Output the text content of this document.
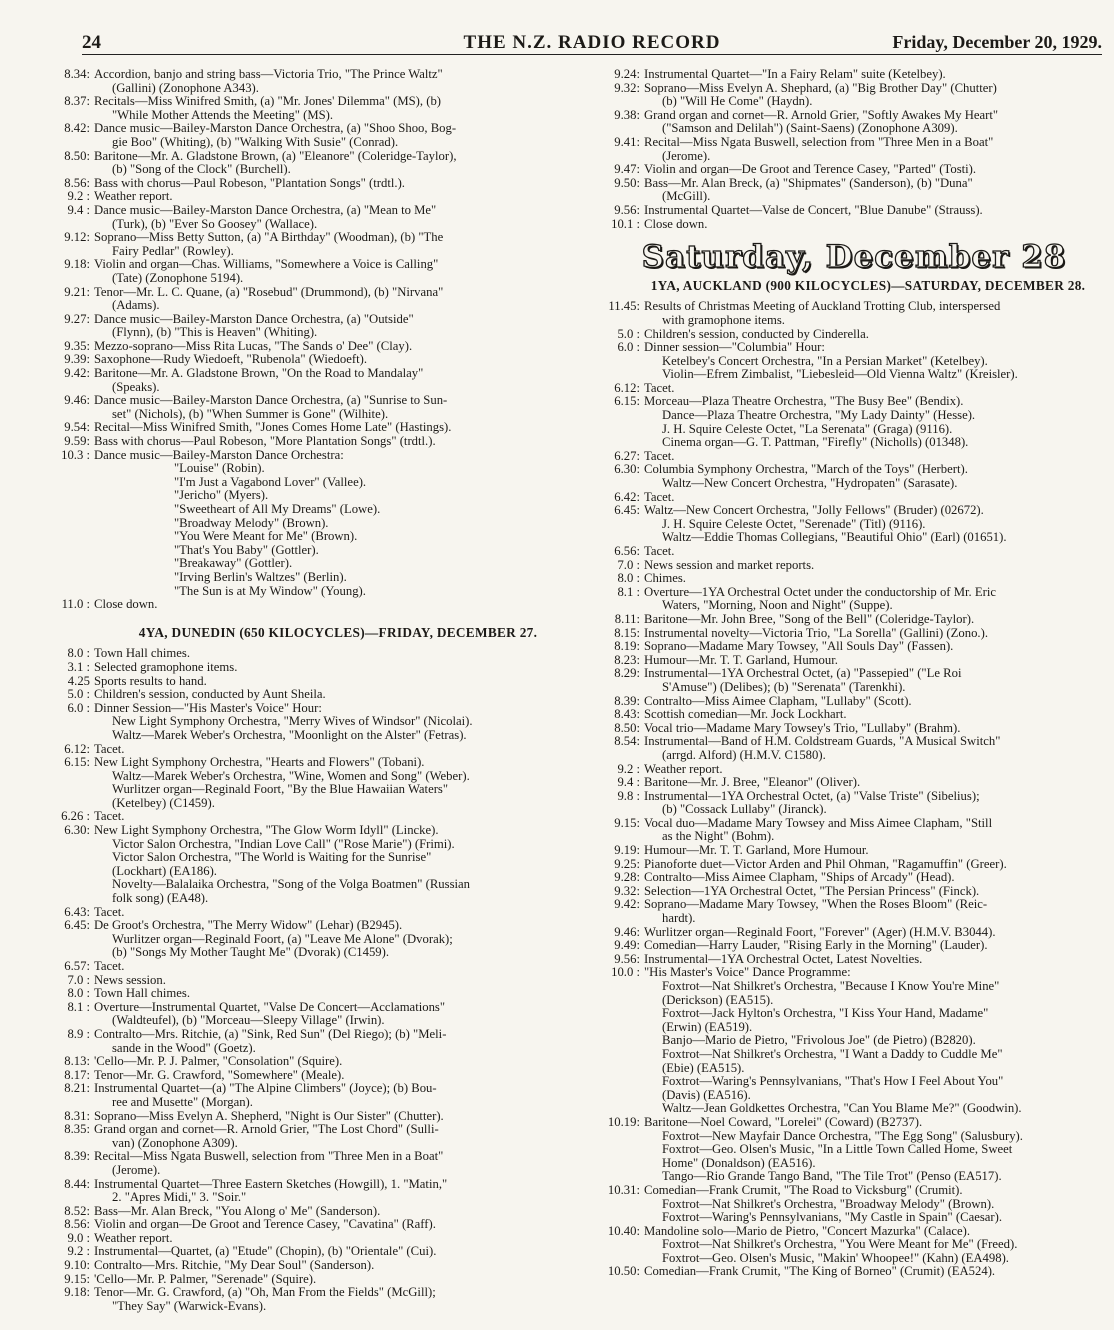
24	THE N.Z. RADIO RECORD	Friday, December 20, 1929.
8.34: Accordion, banjo and string bass—Victoria Trio, "The Prince Waltz"
(Gallini) (Zonophone A343).
8.37: Recitals—Miss Winifred Smith, (a) "Mr. Jones' Dilemma" (MS), (b)
"While Mother Attends the Meeting" (MS).
8.42: Dance music—Bailey-Marston Dance Orchestra, (a) "Shoo Shoo, Bog-
gie Boo" (Whiting), (b) "Walking With Susie" (Conrad).
8.50: Baritone—Mr. A. Gladstone Brown, (a) "Eleanore" (Coleridge-Taylor),
(b) "Song of the Clock" (Burchell).
8.56: Bass with chorus—Paul Robeson, "Plantation Songs" (trdtl.).
9.2 : Weather report.
9.4 : Dance music—Bailey-Marston Dance Orchestra, (a) "Mean to Me"
(Turk), (b) "Ever So Goosey" (Wallace).
9.12: Soprano—Miss Betty Sutton, (a) "A Birthday" (Woodman), (b) "The
Fairy Pedlar" (Rowley).
9.18: Violin and organ—Chas. Williams, "Somewhere a Voice is Calling"
(Tate) (Zonophone 5194).
9.21: Tenor—Mr. L. C. Quane, (a) "Rosebud" (Drummond), (b) "Nirvana"
(Adams).
9.27: Dance music—Bailey-Marston Dance Orchestra, (a) "Outside"
(Flynn), (b) "This is Heaven" (Whiting).
9.35: Mezzo-soprano—Miss Rita Lucas, "The Sands o' Dee" (Clay).
9.39: Saxophone—Rudy Wiedoeft, "Rubenola" (Wiedoeft).
9.42: Baritone—Mr. A. Gladstone Brown, "On the Road to Mandalay"
(Speaks).
9.46: Dance music—Bailey-Marston Dance Orchestra, (a) "Sunrise to Sun-
set" (Nichols), (b) "When Summer is Gone" (Wilhite).
9.54: Recital—Miss Winifred Smith, "Jones Comes Home Late" (Hastings).
9.59: Bass with chorus—Paul Robeson, "More Plantation Songs" (trdtl.).
10.3 : Dance music—Bailey-Marston Dance Orchestra:
"Louise" (Robin).
"I'm Just a Vagabond Lover" (Vallee).
"Jericho" (Myers).
"Sweetheart of All My Dreams" (Lowe).
"Broadway Melody" (Brown).
"You Were Meant for Me" (Brown).
"That's You Baby" (Gottler).
"Breakaway" (Gottler).
"Irving Berlin's Waltzes" (Berlin).
"The Sun is at My Window" (Young).
11.0 : Close down.
4YA, DUNEDIN (650 KILOCYCLES)—FRIDAY, DECEMBER 27.
8.0 : Town Hall chimes.
3.1 : Selected gramophone items.
4.25 Sports results to hand.
5.0 : Children's session, conducted by Aunt Sheila.
6.0 : Dinner Session—"His Master's Voice" Hour:
New Light Symphony Orchestra, "Merry Wives of Windsor" (Nicolai).
Waltz—Marek Weber's Orchestra, "Moonlight on the Alster" (Fetras).
6.12: Tacet.
6.15: New Light Symphony Orchestra, "Hearts and Flowers" (Tobani).
Waltz—Marek Weber's Orchestra, "Wine, Women and Song" (Weber).
Wurlitzer organ—Reginald Foort, "By the Blue Hawaiian Waters"
(Ketelbey) (C1459).
6.26 : Tacet.
6.30: New Light Symphony Orchestra, "The Glow Worm Idyll" (Lincke).
Victor Salon Orchestra, "Indian Love Call" ("Rose Marie") (Frimi).
Victor Salon Orchestra, "The World is Waiting for the Sunrise"
(Lockhart) (EA186).
Novelty—Balalaika Orchestra, "Song of the Volga Boatmen" (Russian
folk song) (EA48).
6.43: Tacet.
6.45: De Groot's Orchestra, "The Merry Widow" (Lehar) (B2945).
Wurlitzer organ—Reginald Foort, (a) "Leave Me Alone" (Dvorak);
(b) "Songs My Mother Taught Me" (Dvorak) (C1459).
6.57: Tacet.
7.0 : News session.
8.0 : Town Hall chimes.
8.1 : Overture—Instrumental Quartet, "Valse De Concert—Acclamations"
(Waldteufel), (b) "Morceau—Sleepy Village" (Irwin).
8.9 : Contralto—Mrs. Ritchie, (a) "Sink, Red Sun" (Del Riego); (b) "Meli-
sande in the Wood" (Goetz).
8.13: 'Cello—Mr. P. J. Palmer, "Consolation" (Squire).
8.17: Tenor—Mr. G. Crawford, "Somewhere" (Meale).
8.21: Instrumental Quartet—(a) "The Alpine Climbers" (Joyce); (b) Bou-
ree and Musette" (Morgan).
8.31: Soprano—Miss Evelyn A. Shepherd, "Night is Our Sister" (Chutter).
8.35: Grand organ and cornet—R. Arnold Grier, "The Lost Chord" (Sulli-
van) (Zonophone A309).
8.39: Recital—Miss Ngata Buswell, selection from "Three Men in a Boat"
(Jerome).
8.44: Instrumental Quartet—Three Eastern Sketches (Howgill), 1. "Matin,"
2. "Apres Midi," 3. "Soir."
8.52: Bass—Mr. Alan Breck, "You Along o' Me" (Sanderson).
8.56: Violin and organ—De Groot and Terence Casey, "Cavatina" (Raff).
9.0 : Weather report.
9.2 : Instrumental—Quartet, (a) "Etude" (Chopin), (b) "Orientale" (Cui).
9.10: Contralto—Mrs. Ritchie, "My Dear Soul" (Sanderson).
9.15: 'Cello—Mr. P. Palmer, "Serenade" (Squire).
9.18: Tenor—Mr. G. Crawford, (a) "Oh, Man From the Fields" (McGill);
"They Say" (Warwick-Evans).
9.24: Instrumental Quartet—"In a Fairy Relam" suite (Ketelbey).
9.32: Soprano—Miss Evelyn A. Shephard, (a) "Big Brother Day" (Chutter)
(b) "Will He Come" (Haydn).
9.38: Grand organ and cornet—R. Arnold Grier, "Softly Awakes My Heart"
("Samson and Delilah") (Saint-Saens) (Zonophone A309).
9.41: Recital—Miss Ngata Buswell, selection from "Three Men in a Boat"
(Jerome).
9.47: Violin and organ—De Groot and Terence Casey, "Parted" (Tosti).
9.50: Bass—Mr. Alan Breck, (a) "Shipmates" (Sanderson), (b) "Duna"
(McGill).
9.56: Instrumental Quartet—Valse de Concert, "Blue Danube" (Strauss).
10.1 : Close down.
Saturday, December 28
1YA, AUCKLAND (900 KILOCYCLES)—SATURDAY, DECEMBER 28.
11.45: Results of Christmas Meeting of Auckland Trotting Club, interspersed
with gramophone items.
5.0 : Children's session, conducted by Cinderella.
6.0 : Dinner session—"Columbia" Hour:
Ketelbey's Concert Orchestra, "In a Persian Market" (Ketelbey).
Violin—Efrem Zimbalist, "Liebesleid—Old Vienna Waltz" (Kreisler).
6.12: Tacet.
6.15: Morceau—Plaza Theatre Orchestra, "The Busy Bee" (Bendix).
Dance—Plaza Theatre Orchestra, "My Lady Dainty" (Hesse).
J. H. Squire Celeste Octet, "La Serenata" (Graga) (9116).
Cinema organ—G. T. Pattman, "Firefly" (Nicholls) (01348).
6.27: Tacet.
6.30: Columbia Symphony Orchestra, "March of the Toys" (Herbert).
Waltz—New Concert Orchestra, "Hydropaten" (Sarasate).
6.42: Tacet.
6.45: Waltz—New Concert Orchestra, "Jolly Fellows" (Bruder) (02672).
J. H. Squire Celeste Octet, "Serenade" (Titl) (9116).
Waltz—Eddie Thomas Collegians, "Beautiful Ohio" (Earl) (01651).
6.56: Tacet.
7.0 : News session and market reports.
8.0 : Chimes.
8.1 : Overture—1YA Orchestral Octet under the conductorship of Mr. Eric
Waters, "Morning, Noon and Night" (Suppe).
8.11: Baritone—Mr. John Bree, "Song of the Bell" (Coleridge-Taylor).
8.15: Instrumental novelty—Victoria Trio, "La Sorella" (Gallini) (Zono.).
8.19: Soprano—Madame Mary Towsey, "All Souls Day" (Fassen).
8.23: Humour—Mr. T. T. Garland, Humour.
8.29: Instrumental—1YA Orchestral Octet, (a) "Passepied" ("Le Roi
S'Amuse") (Delibes); (b) "Serenata" (Tarenkhi).
8.39: Contralto—Miss Aimee Clapham, "Lullaby" (Scott).
8.43: Scottish comedian—Mr. Jock Lockhart.
8.50: Vocal trio—Madame Mary Towsey's Trio, "Lullaby" (Brahm).
8.54: Instrumental—Band of H.M. Coldstream Guards, "A Musical Switch"
(arrgd. Alford) (H.M.V. C1580).
9.2 : Weather report.
9.4 : Baritone—Mr. J. Bree, "Eleanor" (Oliver).
9.8 : Instrumental—1YA Orchestral Octet, (a) "Valse Triste" (Sibelius);
(b) "Cossack Lullaby" (Jiranck).
9.15: Vocal duo—Madame Mary Towsey and Miss Aimee Clapham, "Still
as the Night" (Bohm).
9.19: Humour—Mr. T. T. Garland, More Humour.
9.25: Pianoforte duet—Victor Arden and Phil Ohman, "Ragamuffin" (Greer).
9.28: Contralto—Miss Aimee Clapham, "Ships of Arcady" (Head).
9.32: Selection—1YA Orchestral Octet, "The Persian Princess" (Finck).
9.42: Soprano—Madame Mary Towsey, "When the Roses Bloom" (Reic-
hardt).
9.46: Wurlitzer organ—Reginald Foort, "Forever" (Ager) (H.M.V. B3044).
9.49: Comedian—Harry Lauder, "Rising Early in the Morning" (Lauder).
9.56: Instrumental—1YA Orchestral Octet, Latest Novelties.
10.0 : "His Master's Voice" Dance Programme:
Foxtrot—Nat Shilkret's Orchestra, "Because I Know You're Mine"
(Derickson) (EA515).
Foxtrot—Jack Hylton's Orchestra, "I Kiss Your Hand, Madame"
(Erwin) (EA519).
Banjo—Mario de Pietro, "Frivolous Joe" (de Pietro) (B2820).
Foxtrot—Nat Shilkret's Orchestra, "I Want a Daddy to Cuddle Me"
(Ebie) (EA515).
Foxtrot—Waring's Pennsylvanians, "That's How I Feel About You"
(Davis) (EA516).
Waltz—Jean Goldkettes Orchestra, "Can You Blame Me?" (Goodwin).
10.19: Baritone—Noel Coward, "Lorelei" (Coward) (B2737).
Foxtrot—New Mayfair Dance Orchestra, "The Egg Song" (Salusbury).
Foxtrot—Geo. Olsen's Music, "In a Little Town Called Home, Sweet
Home" (Donaldson) (EA516).
Tango—Rio Grande Tango Band, "The Tile Trot" (Penso (EA517).
10.31: Comedian—Frank Crumit, "The Road to Vicksburg" (Crumit).
Foxtrot—Nat Shilkret's Orchestra, "Broadway Melody" (Brown).
Foxtrot—Waring's Pennsylvanians, "My Castle in Spain" (Caesar).
10.40: Mandoline solo—Mario de Pietro, "Concert Mazurka" (Calace).
Foxtrot—Nat Shilkret's Orchestra, "You Were Meant for Me" (Freed).
Foxtrot—Geo. Olsen's Music, "Makin' Whoopee!" (Kahn) (EA498).
10.50: Comedian—Frank Crumit, "The King of Borneo" (Crumit) (EA524).
